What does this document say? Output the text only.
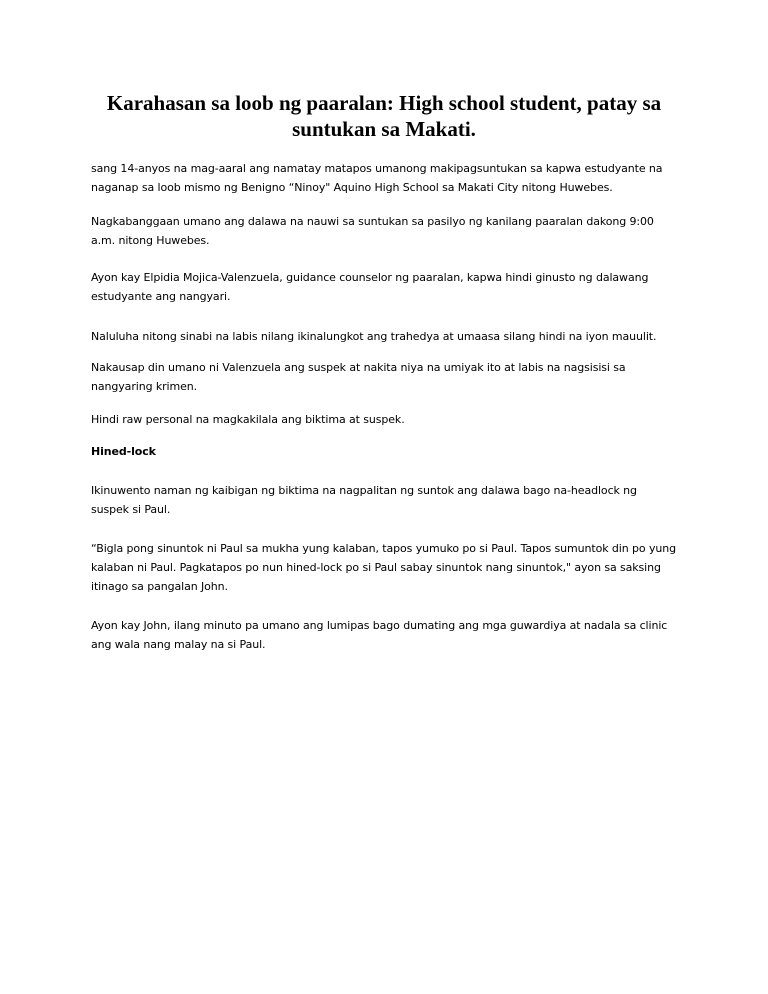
Karahasan sa loob ng paaralan: High school student, patay sa suntukan sa Makati.

sang 14-anyos na mag-aaral ang namatay matapos umanong makipagsuntukan sa kapwa estudyante na naganap sa loob mismo ng Benigno “Ninoy" Aquino High School sa Makati City nitong Huwebes.

Nagkabanggaan umano ang dalawa na nauwi sa suntukan sa pasilyo ng kanilang paaralan dakong 9:00 a.m. nitong Huwebes.

Ayon kay Elpidia Mojica-Valenzuela, guidance counselor ng paaralan, kapwa hindi ginusto ng dalawang estudyante ang nangyari.

Naluluha nitong sinabi na labis nilang ikinalungkot ang trahedya at umaasa silang hindi na iyon mauulit.

Nakausap din umano ni Valenzuela ang suspek at nakita niya na umiyak ito at labis na nagsisisi sa nangyaring krimen.

Hindi raw personal na magkakilala ang biktima at suspek.

Hined-lock

Ikinuwento naman ng kaibigan ng biktima na nagpalitan ng suntok ang dalawa bago na-headlock ng suspek si Paul.

“Bigla pong sinuntok ni Paul sa mukha yung kalaban, tapos yumuko po si Paul. Tapos sumuntok din po yung kalaban ni Paul. Pagkatapos po nun hined-lock po si Paul sabay sinuntok nang sinuntok," ayon sa saksing itinago sa pangalan John.

Ayon kay John, ilang minuto pa umano ang lumipas bago dumating ang mga guwardiya at nadala sa clinic ang wala nang malay na si Paul.
